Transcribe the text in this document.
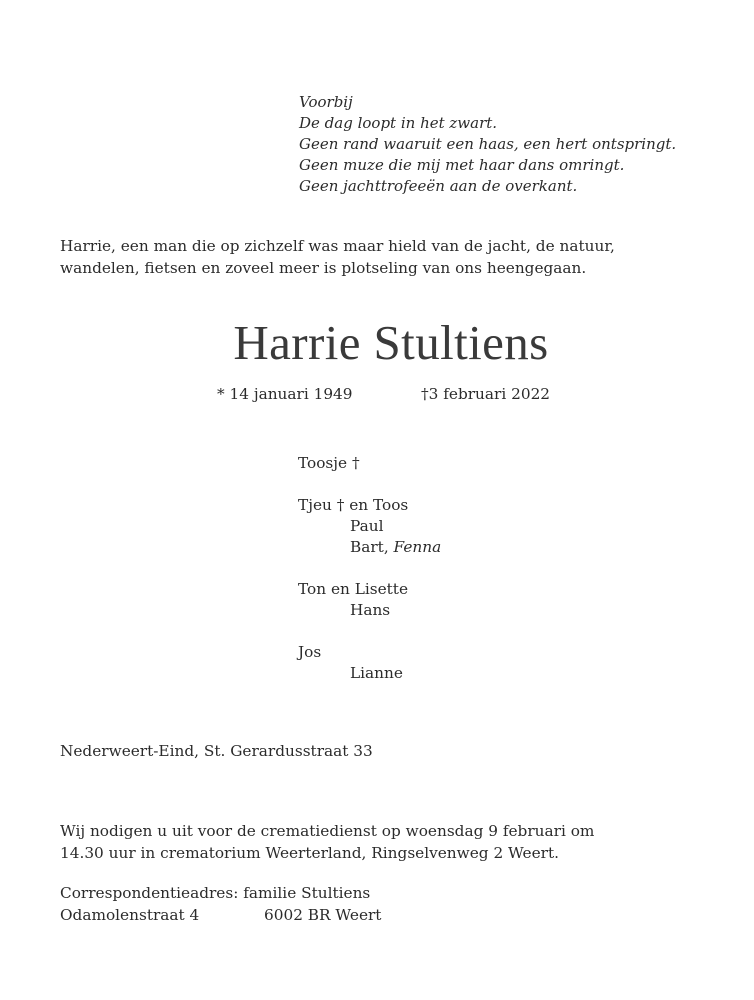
Voorbij
De dag loopt in het zwart.
Geen rand waaruit een haas, een hert ontspringt.
Geen muze die mij met haar dans omringt.
Geen jachttrofeeën aan de overkant.
Harrie, een man die op zichzelf was maar hield van de jacht, de natuur,
wandelen, fietsen en zoveel meer is plotseling van ons heengegaan.
Harrie Stultiens
* 14 januari 1949	†3 februari 2022
Toosje †
Tjeu † en Toos
Paul
Bart, Fenna
Ton en Lisette
Hans
Jos
Lianne
Nederweert-Eind, St. Gerardusstraat 33
Wij nodigen u uit voor de crematiedienst op woensdag 9 februari om
14.30 uur in crematorium Weerterland, Ringselvenweg 2 Weert.
Correspondentieadres: familie Stultiens
Odamolenstraat 4	6002 BR Weert
